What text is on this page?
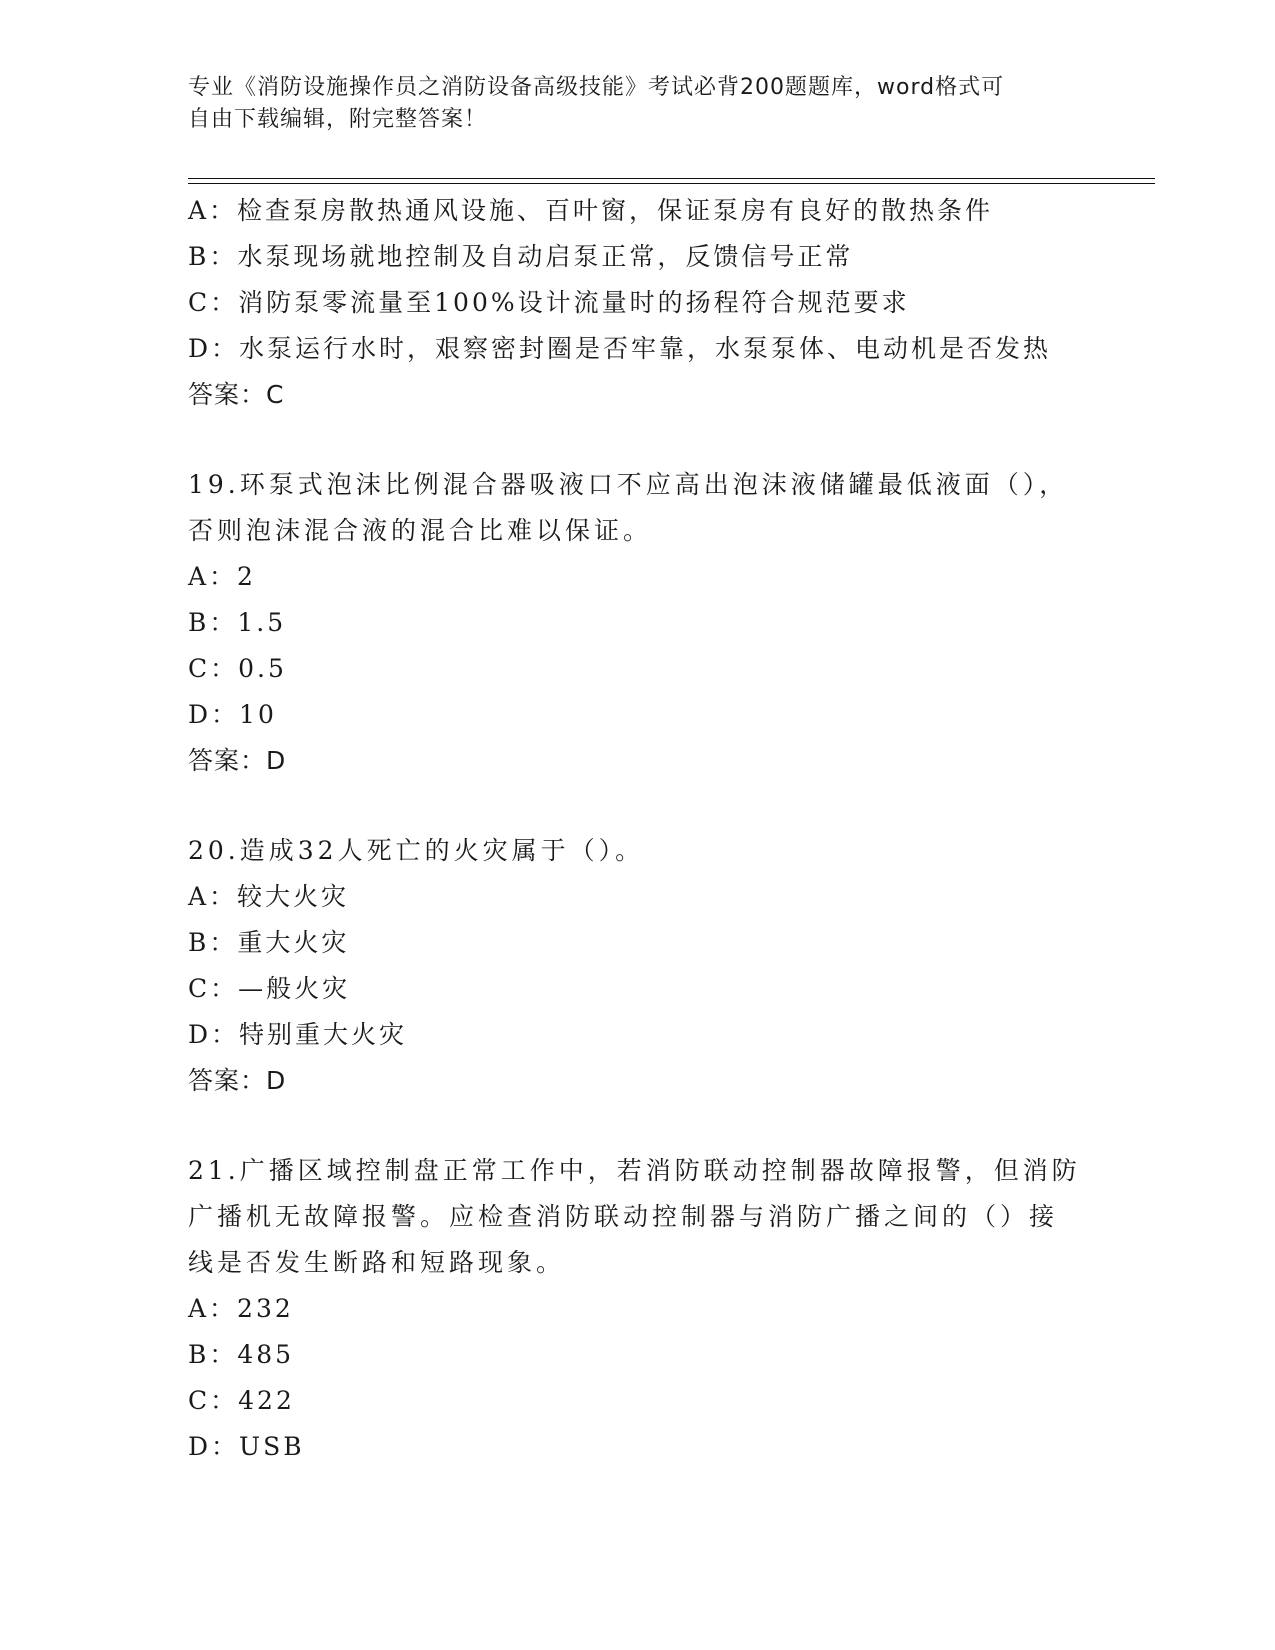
专业《消防设施操作员之消防设备高级技能》考试必背200题题库，word格式可
自由下载编辑，附完整答案！
A：检查泵房散热通风设施、百叶窗，保证泵房有良好的散热条件
B：水泵现场就地控制及自动启泵正常，反馈信号正常
C：消防泵零流量至100%设计流量时的扬程符合规范要求
D：水泵运行水时，艰察密封圈是否牢靠，水泵泵体、电动机是否发热
答案：C
19.环泵式泡沫比例混合器吸液口不应高出泡沫液储罐最低液面（），
否则泡沫混合液的混合比难以保证。
A：2
B：1.5
C：0.5
D：10
答案：D
20.造成32人死亡的火灾属于（）。
A：较大火灾
B：重大火灾
C：—般火灾
D：特别重大火灾
答案：D
21.广播区域控制盘正常工作中，若消防联动控制器故障报警，但消防
广播机无故障报警。应检查消防联动控制器与消防广播之间的（）接
线是否发生断路和短路现象。
A：232
B：485
C：422
D：USB
